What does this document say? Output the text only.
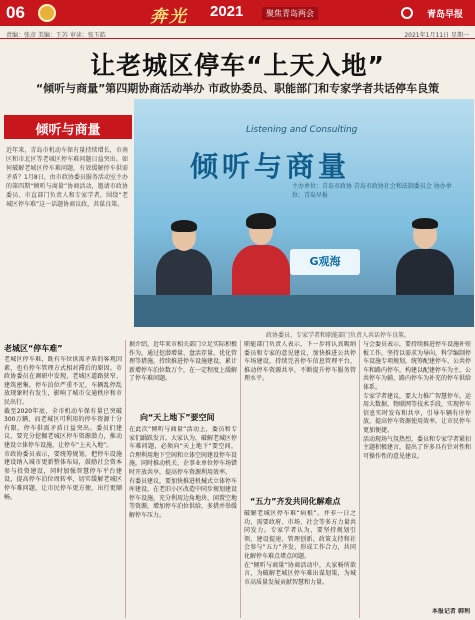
06	奔光 2021	聚焦青岛两会	青岛早报
责编：张彦 美编：王苏 审读：张玉皓	2021年1月11日 星期一
让老城区停车“上天入地”
“倾听与商量”第四期协商活动举办 市政协委员、职能部门和专家学者共话停车良策
倾听与商量
近年来，青岛市机动车保有量持续增长，市南区和市北区等老城区停车难问题日益突出。如何破解老城区停车难问题，有效缓解停车供需矛盾？1月8日，由市政协委员服务活动室主办的第四期“倾听与商量”协商活动，邀请市政协委员、市直部门负责人和专家学者，围绕“老城区停车难”这一话题协商议政，共谋良策。
Listening and Consulting
倾听与商量
主办单位：青岛市政协 青岛市政协社会和法制委员会 协办单位：青岛早报
G观海
政协委员、专家学者和职能部门负责人共话停车良策。
老城区“停车难”

老城区停车难，既有车位供需矛盾的客观因素，也有停车管理方式相对滞后的原因。市政协委员在调研中发现，老城区道路狭窄、建筑密集，停车泊位严重不足，车辆乱停乱放现象时有发生，影响了城市交通秩序和市民出行。

截至2020年底，全市机动车保有量已突破300万辆，而老城区可利用的停车资源十分有限，停车供需矛盾日益突出。委员们建议，要充分挖掘老城区停车资源潜力，推动建设立体停车设施，让停车“上天入地”。

市政协委员表示，要统筹规划，把停车设施建设纳入城市更新整体布局，鼓励社会资本参与投资建设，同时加强智慧停车平台建设，提高停车泊位周转率，切实缓解老城区停车难问题，让市民停车更方便、出行更顺畅。

据介绍，近年来市相关部门立足实际积极作为，通过挖潜增量、盘活存量、优化管理等措施，持续推进停车设施建设，累计新增停车泊位数万个，在一定程度上缓解了停车难问题。

向“天上地下”要空间

在此次“倾听与商量”活动上，委员和专家们踊跃发言。大家认为，破解老城区停车难问题，必须向“天上地下”要空间，合理利用地下空间和立体空间建设停车设施，同时推动机关、企事业单位停车场错时开放共享，提高停车资源利用效率。

有委员建议，要加快推进机械式立体停车库建设，在老旧小区改造中同步规划建设停车设施，充分利用边角地块、闲置空地等资源，增加停车泊位供给，多措并举缓解停车压力。

职能部门负责人表示，下一步将认真吸纳委员和专家的意见建议，加快推进公共停车场建设，持续完善停车信息管理平台，推动停车资源共享，不断提升停车服务管理水平。

“五力”齐发共同化解难点

破解老城区停车难“病根”，并非一日之功，需要政府、市场、社会等多方力量共同发力。专家学者认为，要坚持规划引领、建设提速、管理创新、政策支持和社会参与“五力”齐发，形成工作合力，共同化解停车难点堵点问题。

在“倾听与商量”协商活动中，大家畅所欲言，为破解老城区停车难出谋划策，为城市高质量发展贡献智慧和力量。

与会委员表示，要持续推进停车设施补短板工作，坚持以需求为导向，科学编制停车设施专项规划，统筹配建停车、公共停车和路内停车，构建以配建停车为主、公共停车为辅、路内停车为补充的停车供给体系。

专家学者建议，要大力推广智慧停车，运用大数据、物联网等技术手段，实现停车信息实时发布和共享，引导车辆有序停放，提高停车资源使用效率，让市民停车更加便捷。

活动现场气氛热烈，委员和专家学者紧扣主题积极建言，提出了许多具有针对性和可操作性的意见建议。

本报记者 韩利
